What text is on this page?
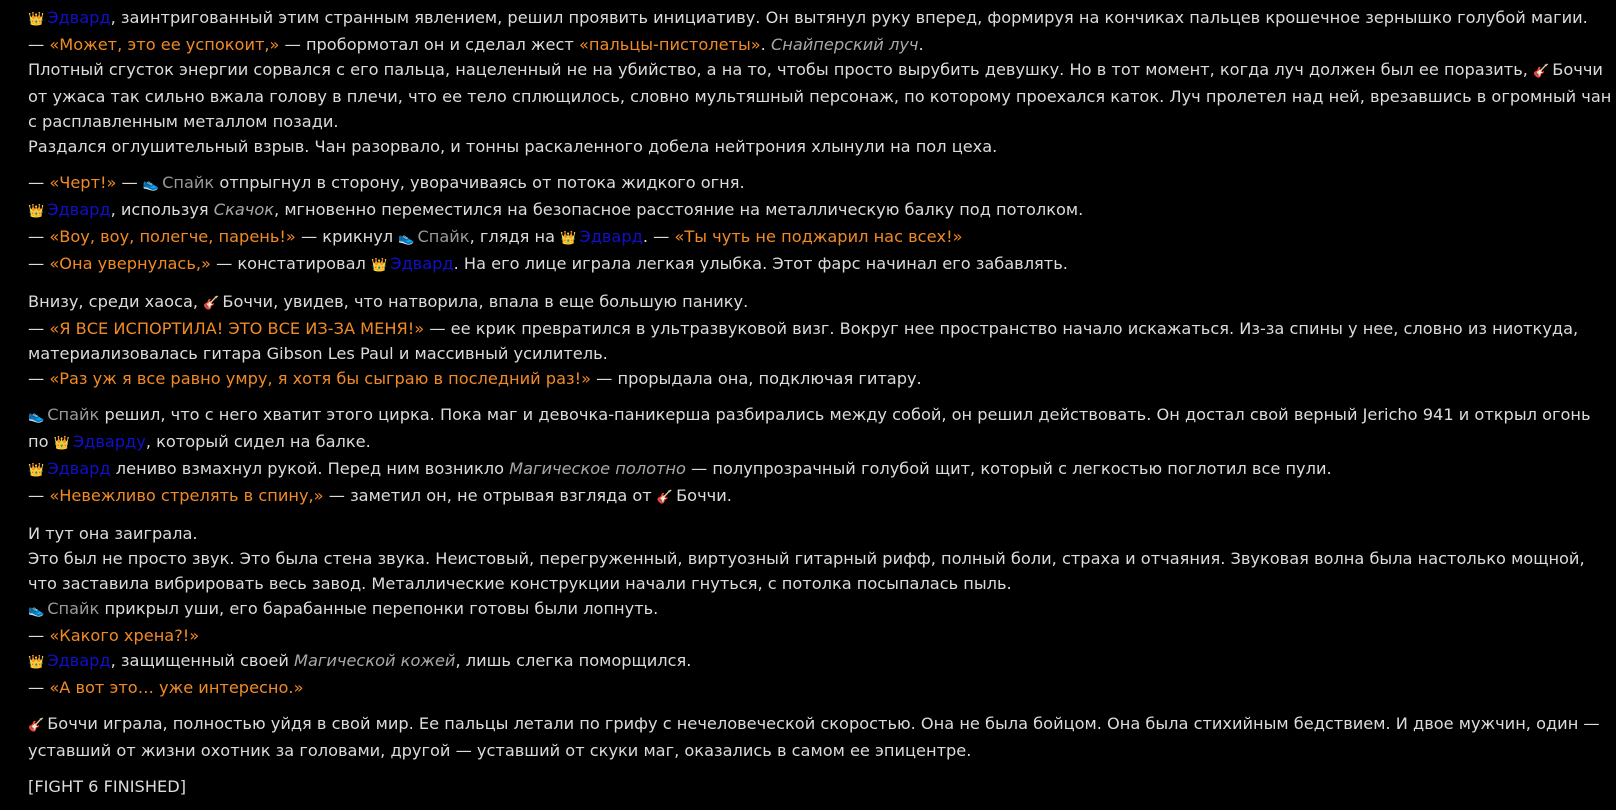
👑 Эдвард, заинтригованный этим странным явлением, решил проявить инициативу. Он вытянул руку вперед, формируя на кончиках пальцев крошечное зернышко голубой магии.
— «Может, это ее успокоит,» — пробормотал он и сделал жест «пальцы-пистолеты». Снайперский луч.
Плотный сгусток энергии сорвался с его пальца, нацеленный не на убийство, а на то, чтобы просто вырубить девушку. Но в тот момент, когда луч должен был ее поразить, 🎸 Боччи от ужаса так сильно вжала голову в плечи, что ее тело сплющилось, словно мультяшный персонаж, по которому проехался каток. Луч пролетел над ней, врезавшись в огромный чан с расплавленным металлом позади.
Раздался оглушительный взрыв. Чан разорвало, и тонны раскаленного добела нейтрония хлынули на пол цеха.
— «Черт!» — 👟 Спайк отпрыгнул в сторону, уворачиваясь от потока жидкого огня.
👑 Эдвард, используя Скачок, мгновенно переместился на безопасное расстояние на металлическую балку под потолком.
— «Воу, воу, полегче, парень!» — крикнул 👟 Спайк, глядя на 👑 Эдвард. — «Ты чуть не поджарил нас всех!»
— «Она увернулась,» — констатировал 👑 Эдвард. На его лице играла легкая улыбка. Этот фарс начинал его забавлять.
Внизу, среди хаоса, 🎸 Боччи, увидев, что натворила, впала в еще большую панику.
— «Я ВСЕ ИСПОРТИЛА! ЭТО ВСЕ ИЗ-ЗА МЕНЯ!» — ее крик превратился в ультразвуковой визг. Вокруг нее пространство начало искажаться. Из-за спины у нее, словно из ниоткуда, материализовалась гитара Gibson Les Paul и массивный усилитель.
— «Раз уж я все равно умру, я хотя бы сыграю в последний раз!» — прорыдала она, подключая гитару.
👟 Спайк решил, что с него хватит этого цирка. Пока маг и девочка-паникерша разбирались между собой, он решил действовать. Он достал свой верный Jericho 941 и открыл огонь по 👑 Эдварду, который сидел на балке.
👑 Эдвард лениво взмахнул рукой. Перед ним возникло Магическое полотно — полупрозрачный голубой щит, который с легкостью поглотил все пули.
— «Невежливо стрелять в спину,» — заметил он, не отрывая взгляда от 🎸 Боччи.
И тут она заиграла.
Это был не просто звук. Это была стена звука. Неистовый, перегруженный, виртуозный гитарный рифф, полный боли, страха и отчаяния. Звуковая волна была настолько мощной, что заставила вибрировать весь завод. Металлические конструкции начали гнуться, с потолка посыпалась пыль.
👟 Спайк прикрыл уши, его барабанные перепонки готовы были лопнуть.
— «Какого хрена?!»
👑 Эдвард, защищенный своей Магической кожей, лишь слегка поморщился.
— «А вот это… уже интересно.»
🎸 Боччи играла, полностью уйдя в свой мир. Ее пальцы летали по грифу с нечеловеческой скоростью. Она не была бойцом. Она была стихийным бедствием. И двое мужчин, один — уставший от жизни охотник за головами, другой — уставший от скуки маг, оказались в самом ее эпицентре.
[FIGHT 6 FINISHED]
